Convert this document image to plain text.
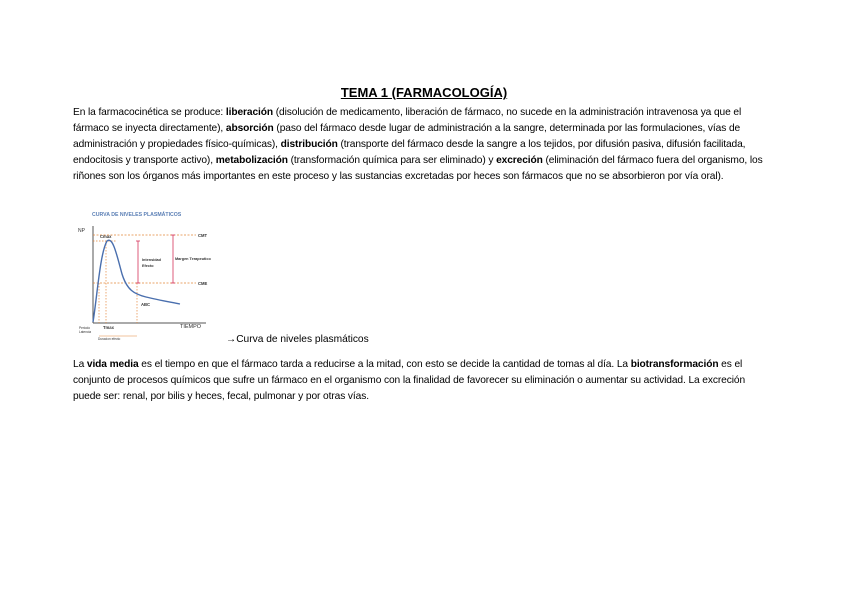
TEMA 1 (FARMACOLOGÍA)
En la farmacocinética se produce: liberación (disolución de medicamento, liberación de fármaco, no sucede en la administración intravenosa ya que el fármaco se inyecta directamente), absorción (paso del fármaco desde lugar de administración a la sangre, determinada por las formulaciones, vías de administración y propiedades físico-químicas), distribución (transporte del fármaco desde la sangre a los tejidos, por difusión pasiva, difusión facilitada, endocitosis y transporte activo), metabolización (transformación química para ser eliminado) y excreción (eliminación del fármaco fuera del organismo, los riñones son los órganos más importantes en este proceso y las sustancias excretadas por heces son fármacos que no se absorbieron por vía oral).
CURVA DE NIVELES PLASMÁTICOS
NP
TIEMPO
CMT
CME
Cmax
Intensidad
Efecto
Margen Terapeutico
ABC
Tmax
Periodo
Latencia
Duracion efecto	→Curva de niveles plasmáticos
La vida media es el tiempo en que el fármaco tarda a reducirse a la mitad, con esto se decide la cantidad de tomas al día. La biotransformación es el conjunto de procesos químicos que sufre un fármaco en el organismo con la finalidad de favorecer su eliminación o aumentar su actividad. La excreción puede ser: renal, por bilis y heces, fecal, pulmonar y por otras vías.
